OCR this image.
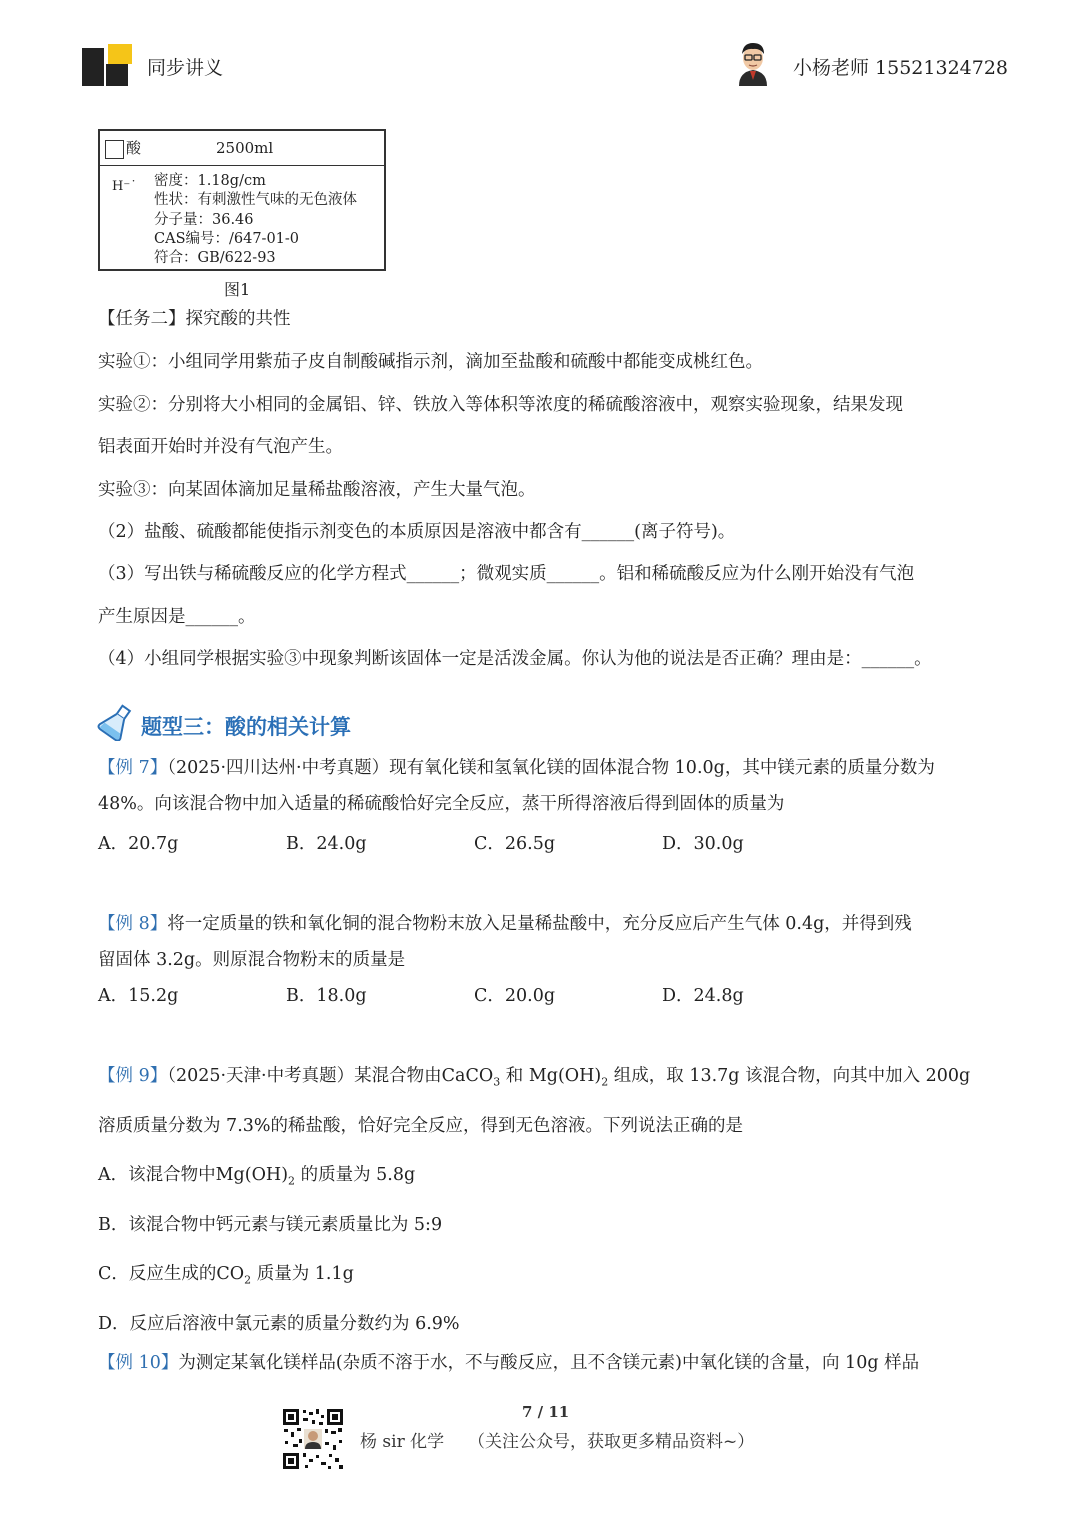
同步讲义	小杨老师 15521324728
酸	2500ml
H⁻˙ 密度：1.18g/cm
性状：有刺激性气味的无色液体
分子量：36.46
CAS编号：/647-01-0
符合：GB/622-93
图1
【任务二】探究酸的共性
实验①：小组同学用紫茄子皮自制酸碱指示剂，滴加至盐酸和硫酸中都能变成桃红色。
实验②：分别将大小相同的金属铝、锌、铁放入等体积等浓度的稀硫酸溶液中，观察实验现象，结果发现
铝表面开始时并没有气泡产生。
实验③：向某固体滴加足量稀盐酸溶液，产生大量气泡。
（2）盐酸、硫酸都能使指示剂变色的本质原因是溶液中都含有______(离子符号)。
（3）写出铁与稀硫酸反应的化学方程式______；微观实质______。铝和稀硫酸反应为什么刚开始没有气泡
产生原因是______。
（4）小组同学根据实验③中现象判断该固体一定是活泼金属。你认为他的说法是否正确？理由是：______。
题型三：酸的相关计算
【例 7】（2025·四川达州·中考真题）现有氧化镁和氢氧化镁的固体混合物 10.0g，其中镁元素的质量分数为
48%。向该混合物中加入适量的稀硫酸恰好完全反应，蒸干所得溶液后得到固体的质量为
A．20.7g	B．24.0g	C．26.5g	D．30.0g
【例 8】将一定质量的铁和氧化铜的混合物粉末放入足量稀盐酸中，充分反应后产生气体 0.4g，并得到残
留固体 3.2g。则原混合物粉末的质量是
A．15.2g	B．18.0g	C．20.0g	D．24.8g
【例 9】（2025·天津·中考真题）某混合物由CaCO$_3$ 和 $Mg(OH)_2$ 组成，取 13.7g 该混合物，向其中加入 200g
溶质质量分数为 7.3%的稀盐酸，恰好完全反应，得到无色溶液。下列说法正确的是
A．该混合物中$Mg(OH)_2$ 的质量为 5.8g
B．该混合物中钙元素与镁元素质量比为 5:9
C．反应生成的$CO_2$ 质量为 1.1g
D．反应后溶液中氯元素的质量分数约为 6.9%
【例 10】为测定某氧化镁样品(杂质不溶于水，不与酸反应，且不含镁元素)中氧化镁的含量，向 10g 样品
7 / 11
杨 sir 化学 （关注公众号，获取更多精品资料~）
